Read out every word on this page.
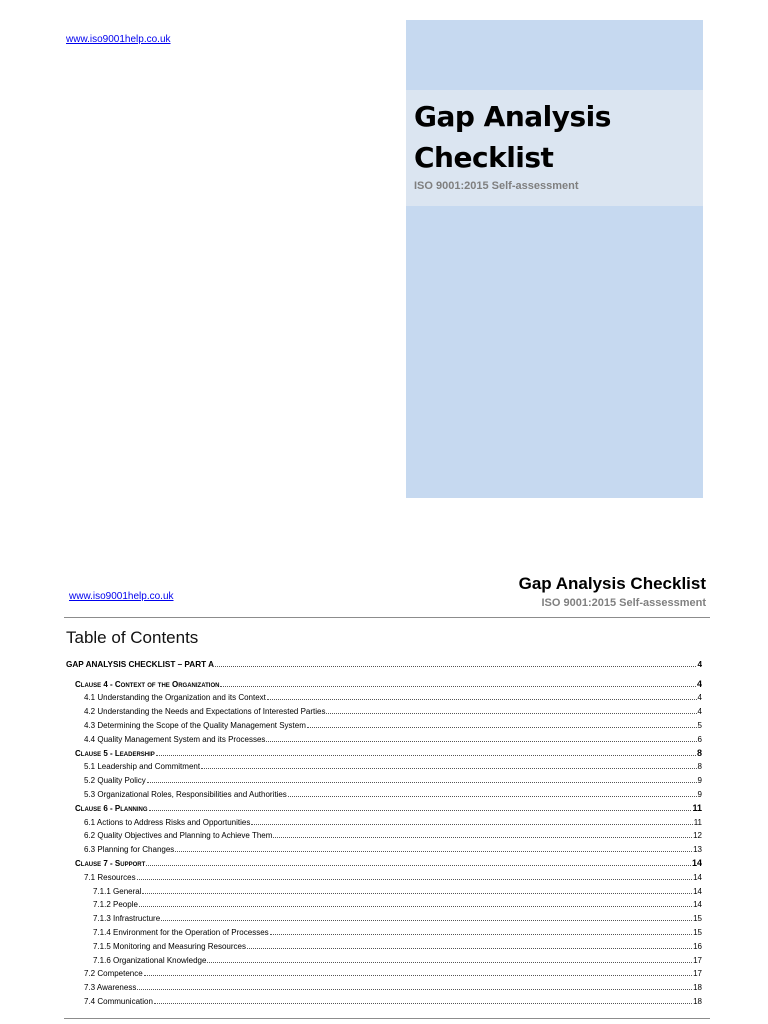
www.iso9001help.co.uk
Gap Analysis Checklist
ISO 9001:2015 Self-assessment
www.iso9001help.co.uk
Gap Analysis Checklist
ISO 9001:2015 Self-assessment
Table of Contents
GAP ANALYSIS CHECKLIST – PART A	4
Clause 4 - Context of the Organization	4
4.1 Understanding the Organization and its Context	4
4.2 Understanding the Needs and Expectations of Interested Parties	4
4.3 Determining the Scope of the Quality Management System	5
4.4 Quality Management System and its Processes	6
Clause 5 - Leadership	8
5.1 Leadership and Commitment	8
5.2 Quality Policy	9
5.3 Organizational Roles, Responsibilities and Authorities	9
Clause 6 - Planning	11
6.1 Actions to Address Risks and Opportunities	11
6.2 Quality Objectives and Planning to Achieve Them	12
6.3 Planning for Changes	13
Clause 7 - Support	14
7.1 Resources	14
7.1.1 General	14
7.1.2 People	14
7.1.3 Infrastructure	15
7.1.4 Environment for the Operation of Processes	15
7.1.5 Monitoring and Measuring Resources	16
7.1.6 Organizational Knowledge	17
7.2 Competence	17
7.3 Awareness	18
7.4 Communication	18
